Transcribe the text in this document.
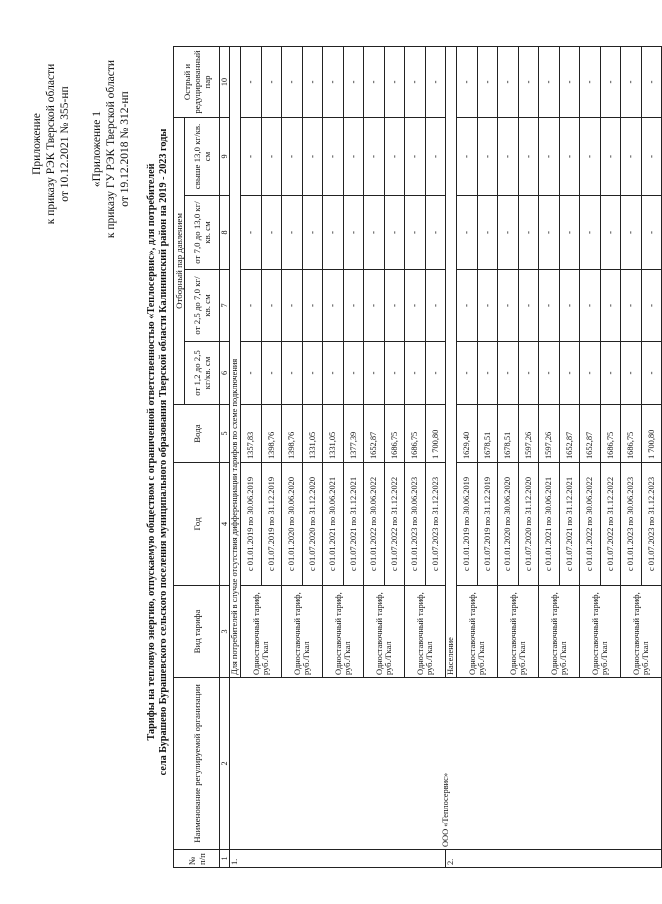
Приложение к приказу РЭК Тверской области от 10.12.2021 № 355-нп «Приложение 1 к приказу ГУ РЭК Тверской области от 19.12.2018 № 312-нп
Тарифы на тепловую энергию, отпускаемую обществом с ограниченной ответственностью «Теплосервис», для потребителей села Бурашево Бурашевского сельского поселения муниципального образования Тверской области Калининский район на 2019 - 2023 годы
№ п/п	Наименование регулируемой организации	Вид тарифа	Год	Вода	Отборный пар давлением				Острый и редуцированный пар
					от 1,2 до 2,5 кг/кв. см	от 2,5 до 7,0 кг/кв. см	от 7,0 до 13,0 кг/кв. см	свыше 13,0 кг/кв. см	
1	2	3	4	5	6	7	8	9	10
1.	ООО «Теплосервис»	Для потребителей в случае отсутствия дифференциации тарифов по схеме подключения							
		Одноставочный тариф, руб./Гкал	с 01.01.2019 по 30.06.2019	1357,83	-	-	-	-	-
			с 01.07.2019 по 31.12.2019	1398,76	-	-	-	-	-
		Одноставочный тариф, руб./Гкал	с 01.01.2020 по 30.06.2020	1398,76	-	-	-	-	-
			с 01.07.2020 по 31.12.2020	1331,05	-	-	-	-	-
		Одноставочный тариф, руб./Гкал	с 01.01.2021 по 30.06.2021	1331,05	-	-	-	-	-
			с 01.07.2021 по 31.12.2021	1377,39	-	-	-	-	-
		Одноставочный тариф, руб./Гкал	с 01.01.2022 по 30.06.2022	1652,87	-	-	-	-	-
			с 01.07.2022 по 31.12.2022	1686,75	-	-	-	-	-
		Одноставочный тариф, руб./Гкал	с 01.01.2023 по 30.06.2023	1686,75	-	-	-	-	-
			с 01.07.2023 по 31.12.2023	1 700,80	-	-	-	-	-
2.		Население							
		Одноставочный тариф, руб./Гкал	с 01.01.2019 по 30.06.2019	1629,40	-	-	-	-	-
			с 01.07.2019 по 31.12.2019	1678,51	-	-	-	-	-
		Одноставочный тариф, руб./Гкал	с 01.01.2020 по 30.06.2020	1678,51	-	-	-	-	-
			с 01.07.2020 по 31.12.2020	1597,26	-	-	-	-	-
		Одноставочный тариф, руб./Гкал	с 01.01.2021 по 30.06.2021	1597,26	-	-	-	-	-
			с 01.07.2021 по 31.12.2021	1652,87	-	-	-	-	-
		Одноставочный тариф, руб./Гкал	с 01.01.2022 по 30.06.2022	1652,87	-	-	-	-	-
			с 01.07.2022 по 31.12.2022	1686,75	-	-	-	-	-
		Одноставочный тариф, руб./Гкал	с 01.01.2023 по 30.06.2023	1686,75	-	-	-	-	-
			с 01.07.2023 по 31.12.2023	1 700,80	-	-	-	-	-
